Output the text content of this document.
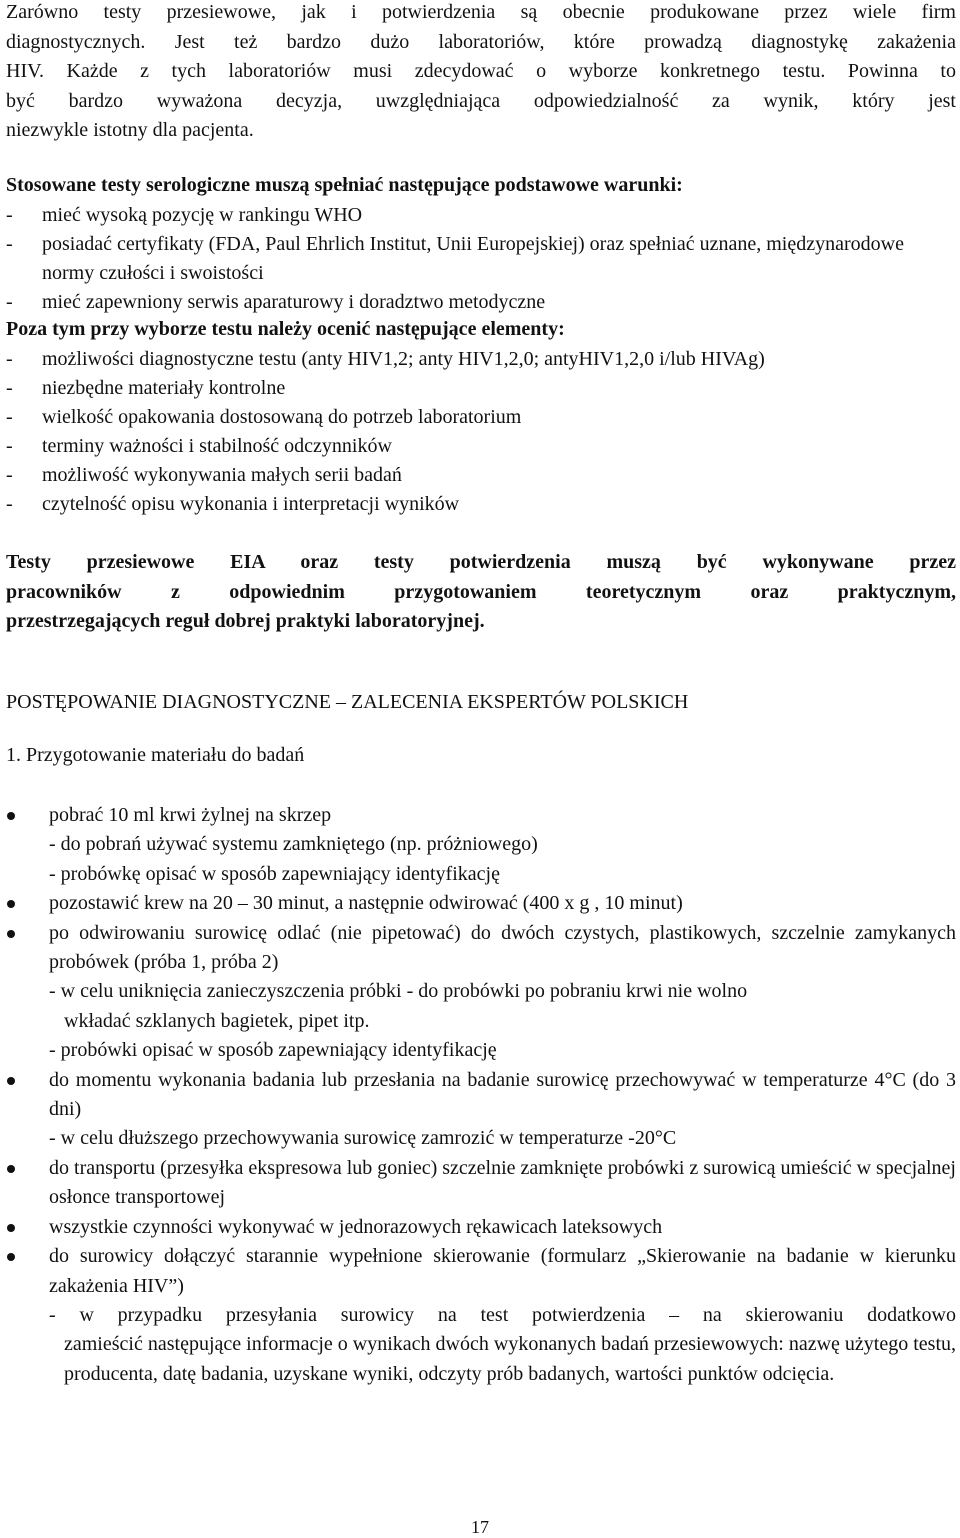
Zarówno testy przesiewowe, jak i potwierdzenia są obecnie produkowane przez wiele firm

diagnostycznych. Jest też bardzo dużo laboratoriów, które prowadzą diagnostykę zakażenia

HIV. Każde z tych laboratoriów musi zdecydować o wyborze konkretnego testu. Powinna to

być bardzo wyważona decyzja, uwzględniająca odpowiedzialność za wynik, który jest

niezwykle istotny dla pacjenta.

Stosowane testy serologiczne muszą spełniać następujące podstawowe warunki:

-	mieć wysoką pozycję w rankingu WHO
-	posiadać certyfikaty (FDA, Paul Ehrlich Institut, Unii Europejskiej) oraz spełniać uznane, międzynarodowe normy czułości i swoistości
-	mieć zapewniony serwis aparaturowy i doradztwo metodyczne

Poza tym przy wyborze testu należy ocenić następujące elementy:

-	możliwości diagnostyczne testu (anty HIV1,2; anty HIV1,2,0; antyHIV1,2,0 i/lub HIVAg)
-	niezbędne materiały kontrolne
-	wielkość opakowania dostosowaną do potrzeb laboratorium
-	terminy ważności i stabilność odczynników
-	możliwość wykonywania małych serii badań
-	czytelność opisu wykonania i interpretacji wyników

Testy przesiewowe EIA oraz testy potwierdzenia muszą być wykonywane przez

pracowników z odpowiednim przygotowaniem teoretycznym oraz praktycznym,

przestrzegających reguł dobrej praktyki laboratoryjnej.

POSTĘPOWANIE DIAGNOSTYCZNE – ZALECENIA EKSPERTÓW POLSKICH

1. Przygotowanie materiału do badań

pobrać 10 ml krwi żylnej na skrzep

- do pobrań używać systemu zamkniętego (np. próżniowego)

- probówkę opisać w sposób zapewniający identyfikację

pozostawić krew na 20 – 30 minut, a następnie odwirować (400 x g , 10 minut)

po odwirowaniu surowicę odlać (nie pipetować) do dwóch czystych, plastikowych, szczelnie zamykanych probówek (próba 1, próba 2)

- w celu uniknięcia zanieczyszczenia próbki - do probówki po pobraniu krwi nie wolno

wkładać szklanych bagietek, pipet itp.

- probówki opisać w sposób zapewniający identyfikację

do momentu wykonania badania lub przesłania na badanie surowicę przechowywać w temperaturze 4°C (do 3 dni)

- w celu dłuższego przechowywania surowicę zamrozić w temperaturze -20°C

do transportu (przesyłka ekspresowa lub goniec) szczelnie zamknięte probówki z surowicą umieścić w specjalnej osłonce transportowej

wszystkie czynności wykonywać w jednorazowych rękawicach lateksowych

do surowicy dołączyć starannie wypełnione skierowanie (formularz „Skierowanie na badanie w kierunku zakażenia HIV”)

- w przypadku przesyłania surowicy na test potwierdzenia – na skierowaniu dodatkowo

zamieścić następujące informacje o wynikach dwóch wykonanych badań przesiewowych: nazwę użytego testu, producenta, datę badania, uzyskane wyniki, odczyty prób badanych, wartości punktów odcięcia.

17
